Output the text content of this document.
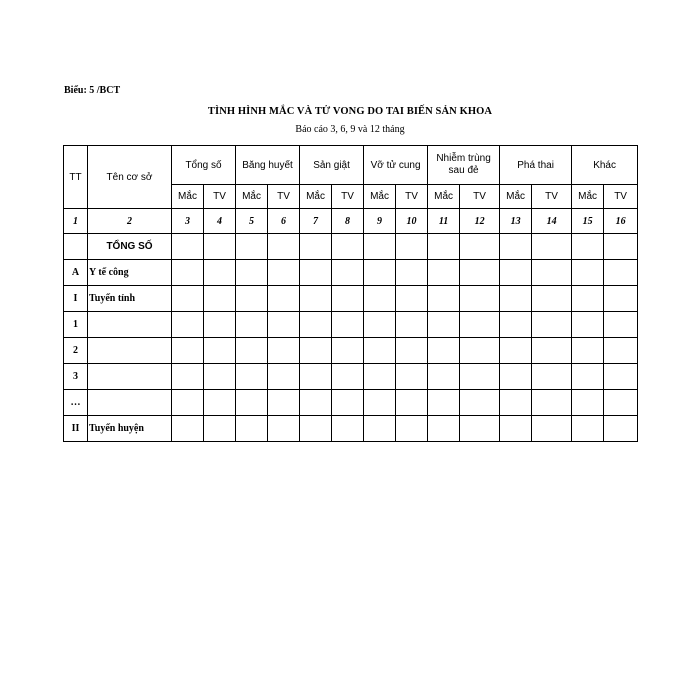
Biểu: 5 /BCT
TÌNH HÌNH MẮC VÀ TỬ VONG DO TAI BIẾN SẢN KHOA
Báo cáo 3, 6, 9 và 12 tháng
TT	Tên cơ sở	Tổng số		Băng huyết		Sản giật		Vỡ tử cung		Nhiễm trùng sau đẻ		Phá thai		Khác	
		Mắc	TV	Mắc	TV	Mắc	TV	Mắc	TV	Mắc	TV	Mắc	TV	Mắc	TV
1	2	3	4	5	6	7	8	9	10	11	12	13	14	15	16
	TỔNG SỐ														
A	Y tế công														
I	Tuyến tỉnh														
1															
2															
3															
…															
II	Tuyến huyện														
